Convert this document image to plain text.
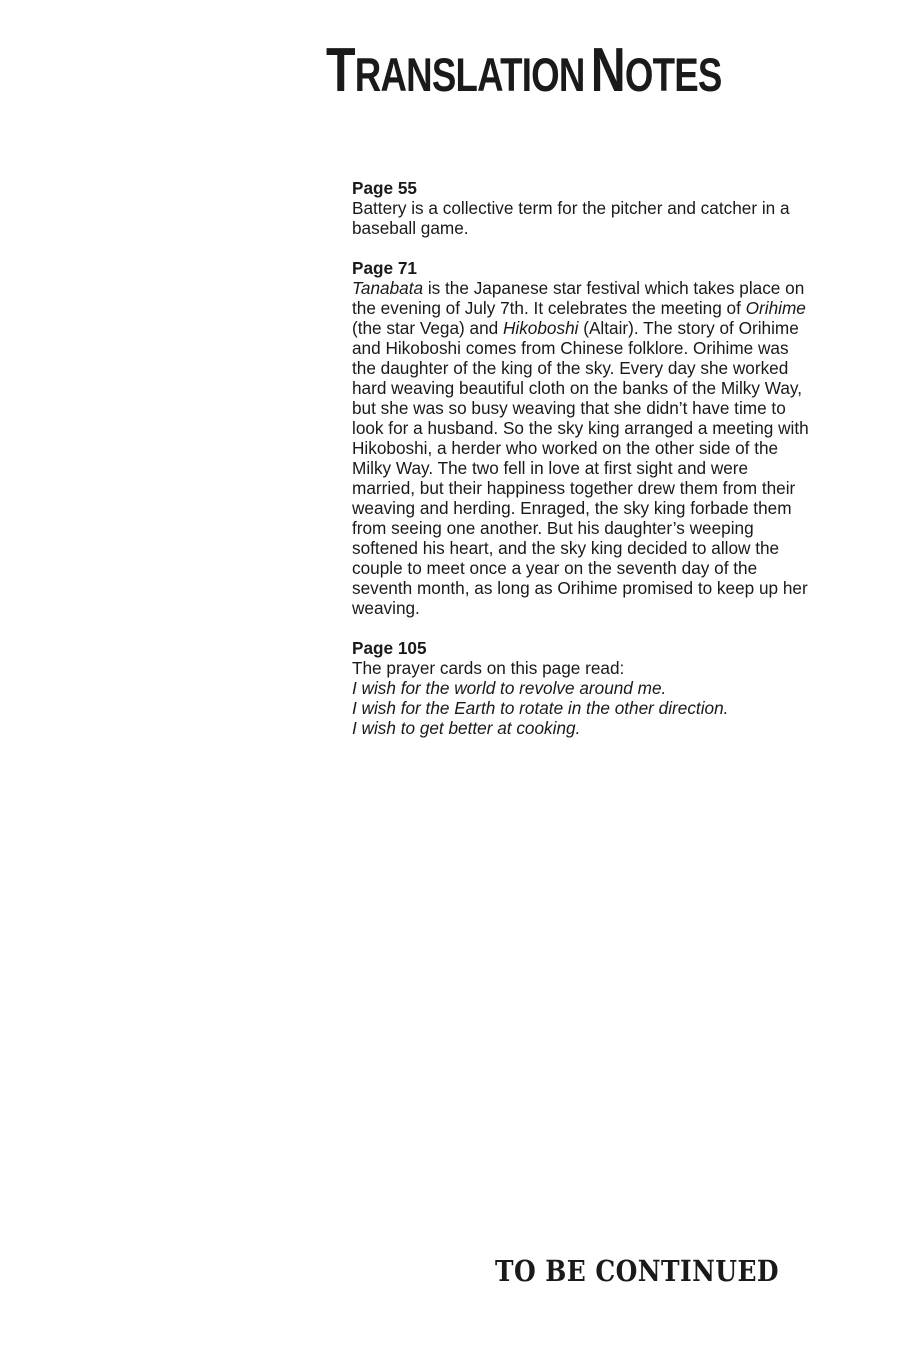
TRANSLATION NOTES

Page 55

Battery is a collective term for the pitcher and catcher in a baseball game.

Page 71

Tanabata is the Japanese star festival which takes place on the evening of July 7th. It celebrates the meeting of Orihime (the star Vega) and Hikoboshi (Altair). The story of Orihime and Hikoboshi comes from Chinese folklore. Orihime was the daughter of the king of the sky. Every day she worked hard weaving beautiful cloth on the banks of the Milky Way, but she was so busy weaving that she didn’t have time to look for a husband. So the sky king arranged a meeting with Hikoboshi, a herder who worked on the other side of the Milky Way. The two fell in love at first sight and were married, but their happiness together drew them from their weaving and herding. Enraged, the sky king forbade them from seeing one another. But his daughter’s weeping softened his heart, and the sky king decided to allow the couple to meet once a year on the seventh day of the seventh month, as long as Orihime promised to keep up her weaving.

Page 105

The prayer cards on this page read:
I wish for the world to revolve around me.
I wish for the Earth to rotate in the other direction.
I wish to get better at cooking.

TO BE CONTINUED
